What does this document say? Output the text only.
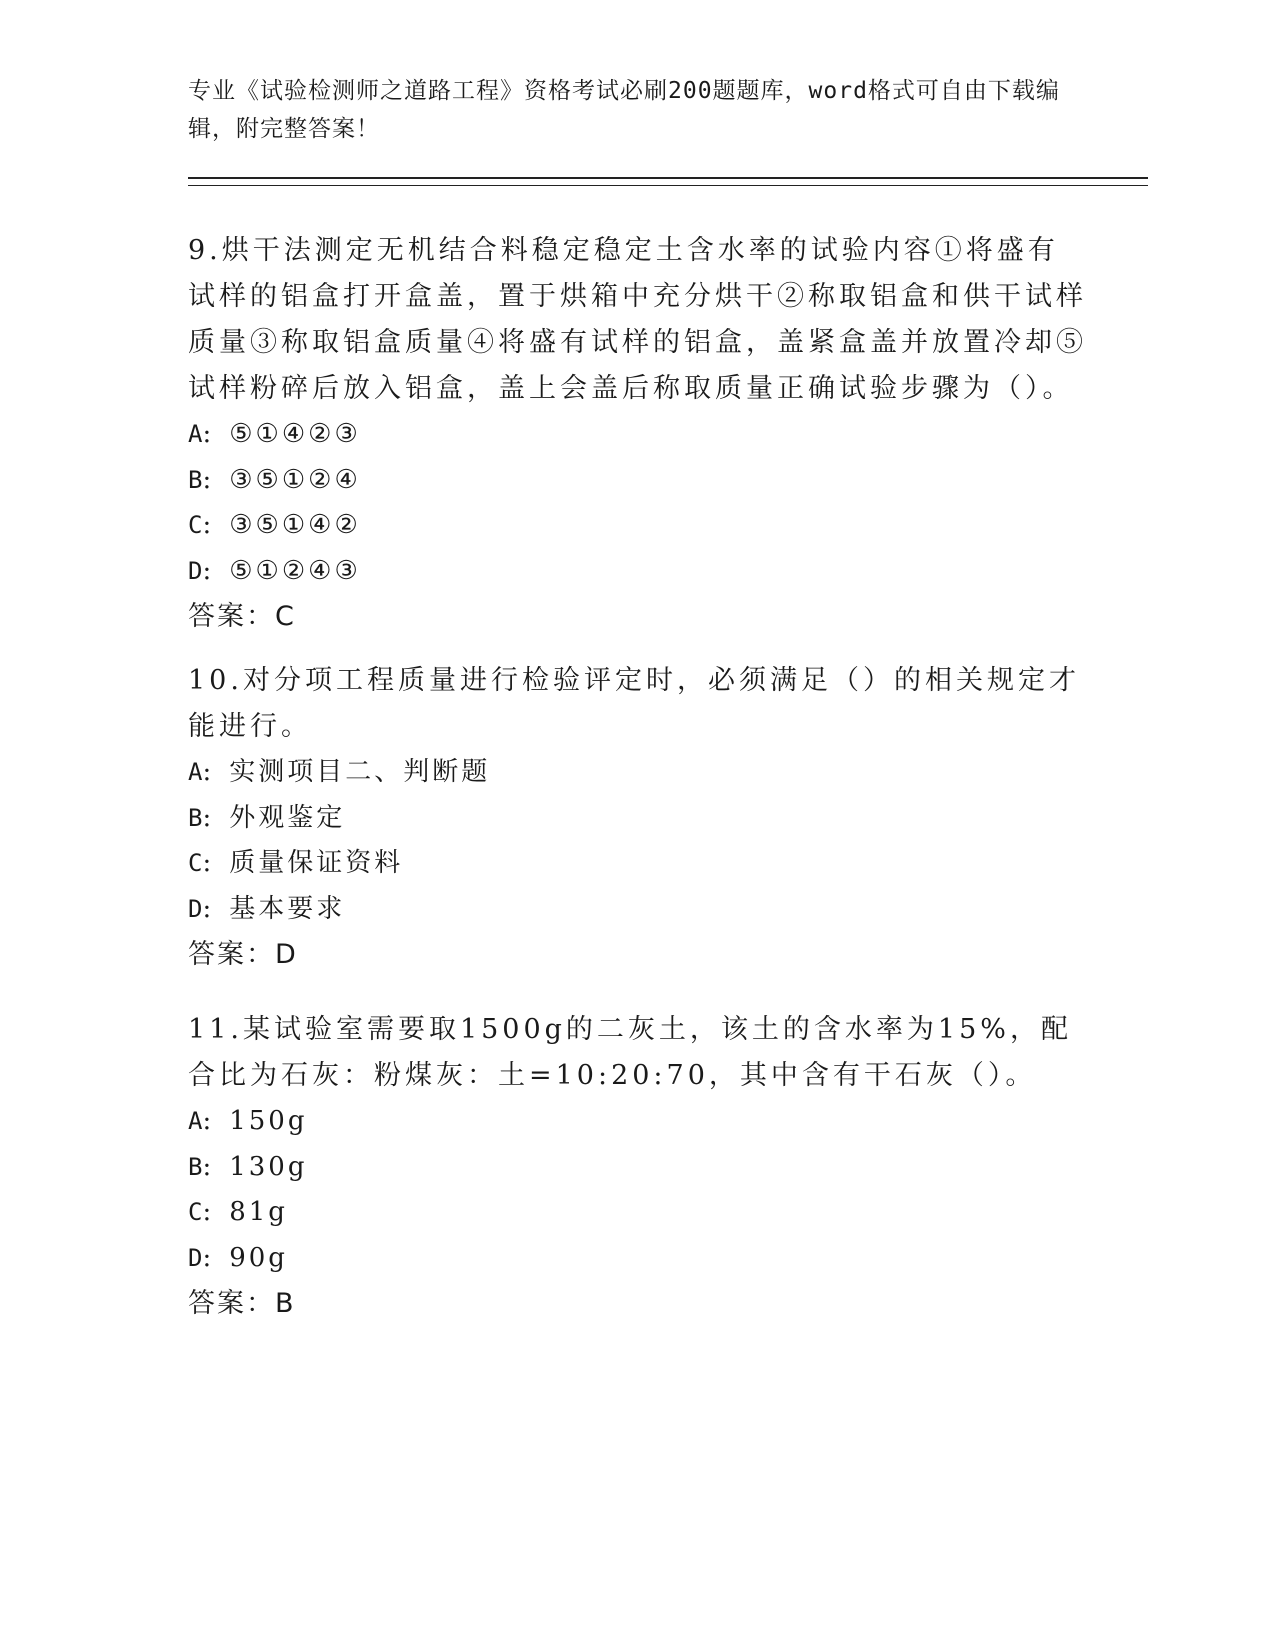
专业《试验检测师之道路工程》资格考试必刷200题题库，word格式可自由下载编辑，附完整答案！

9.烘干法测定无机结合料稳定稳定土含水率的试验内容①将盛有试样的铝盒打开盒盖，置于烘箱中充分烘干②称取铝盒和供干试样质量③称取铝盒质量④将盛有试样的铝盒，盖紧盒盖并放置冷却⑤试样粉碎后放入铝盒，盖上会盖后称取质量正确试验步骤为（）。

A: ⑤①④②③

B: ③⑤①②④

C: ③⑤①④②

D: ⑤①②④③

答案：C

10.对分项工程质量进行检验评定时，必须满足（）的相关规定才能进行。

A: 实测项目二、判断题

B: 外观鉴定

C: 质量保证资料

D: 基本要求

答案：D

11.某试验室需要取1500g的二灰土，该土的含水率为15%，配合比为石灰：粉煤灰：土=10:20:70，其中含有干石灰（）。

A: 150g

B: 130g

C: 81g

D: 90g

答案：B
